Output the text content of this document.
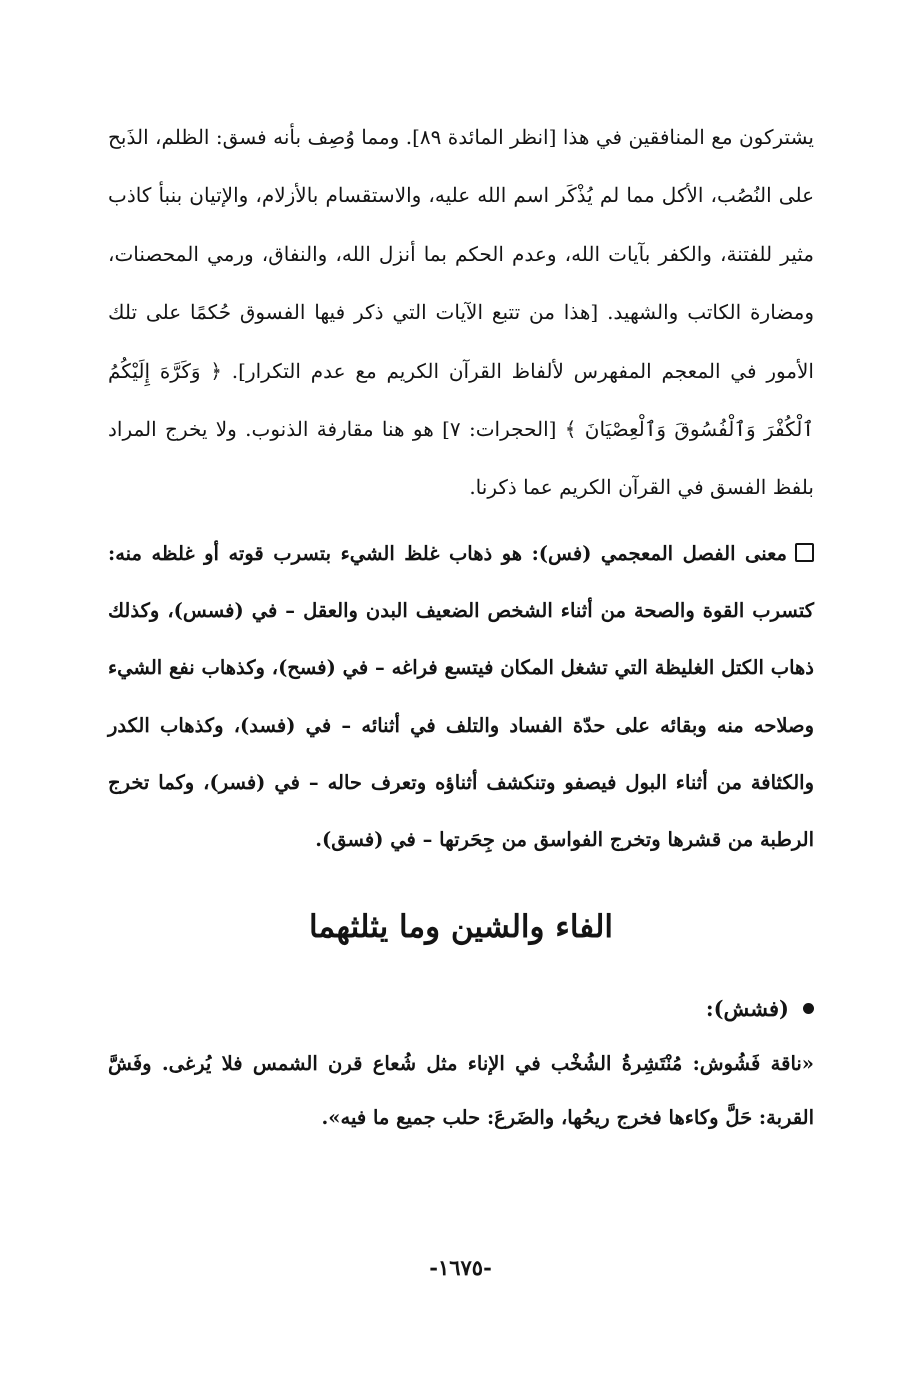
يشتركون مع المنافقين في هذا [انظر المائدة ٨٩]. ومما وُصِف بأنه فسق: الظلم، الذَبح على النُصُب، الأكل مما لم يُذْكَر اسم الله عليه، والاستقسام بالأزلام، والإتيان بنبأ كاذب مثير للفتنة، والكفر بآيات الله، وعدم الحكم بما أنزل الله، والنفاق، ورمي المحصنات، ومضارة الكاتب والشهيد. [هذا من تتبع الآيات التي ذكر فيها الفسوق حُكمًا على تلك الأمور في المعجم المفهرس لألفاظ القرآن الكريم مع عدم التكرار]. ﴿ وَكَرَّهَ إِلَيْكُمُ ٱلْكُفْرَ وَٱلْفُسُوقَ وَٱلْعِصْيَانَ ﴾ [الحجرات: ٧] هو هنا مقارفة الذنوب. ولا يخرج المراد بلفظ الفسق في القرآن الكريم عما ذكرنا.

معنى الفصل المعجمي (فس): هو ذهاب غلظ الشيء بتسرب قوته أو غلظه منه: كتسرب القوة والصحة من أثناء الشخص الضعيف البدن والعقل – في (فسس)، وكذلك ذهاب الكتل الغليظة التي تشغل المكان فيتسع فراغه – في (فسح)، وكذهاب نفع الشيء وصلاحه منه وبقائه على حدّة الفساد والتلف في أثنائه – في (فسد)، وكذهاب الكدر والكثافة من أثناء البول فيصفو وتنكشف أثناؤه وتعرف حاله – في (فسر)، وكما تخرج الرطبة من قشرها وتخرج الفواسق من جِحَرتها – في (فسق).

الفاء والشين وما يثلثهما

(فشش):

«ناقة فَشُوش: مُنْتَشِرةُ الشُخْب في الإناء مثل شُعاع قرن الشمس فلا يُرغى. وفَشَّ القربة: حَلَّ وكاءها فخرج ريحُها، والضَرعَ: حلب جميع ما فيه».

-١٦٧٥-
